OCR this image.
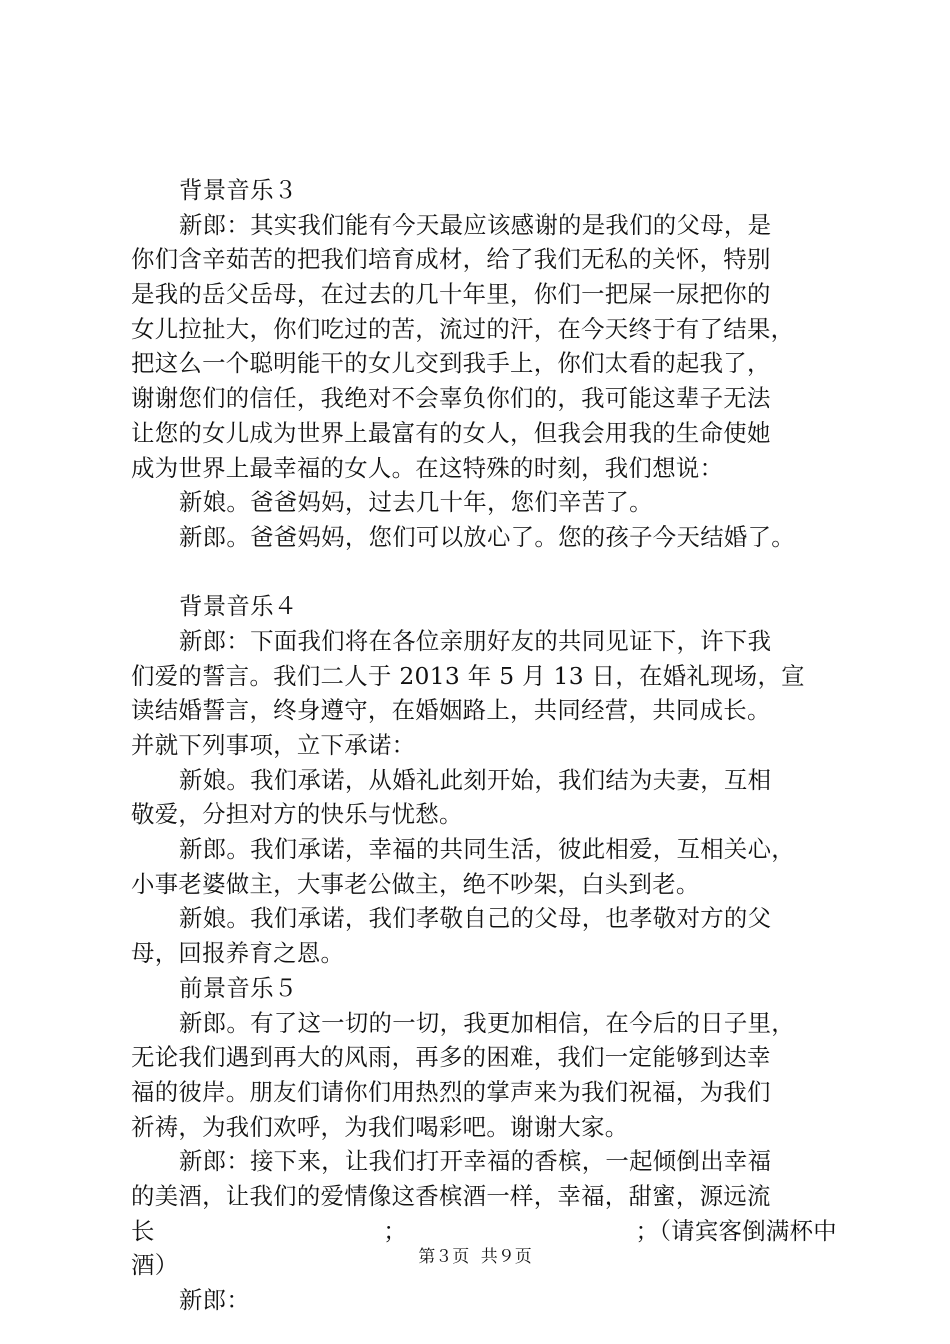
背景音乐３
新郎：其实我们能有今天最应该感谢的是我们的父母，是
你们含辛茹苦的把我们培育成材，给了我们无私的关怀，特别
是我的岳父岳母，在过去的几十年里，你们一把屎一尿把你的
女儿拉扯大，你们吃过的苦，流过的汗，在今天终于有了结果，
把这么一个聪明能干的女儿交到我手上，你们太看的起我了，
谢谢您们的信任，我绝对不会辜负你们的，我可能这辈子无法
让您的女儿成为世界上最富有的女人，但我会用我的生命使她
成为世界上最幸福的女人。在这特殊的时刻，我们想说：
新娘。爸爸妈妈，过去几十年，您们辛苦了。
新郎。爸爸妈妈，您们可以放心了。您的孩子今天结婚了。
背景音乐４
新郎：下面我们将在各位亲朋好友的共同见证下，许下我
们爱的誓言。我们二人于 2013 年 5 月 13 日，在婚礼现场，宣
读结婚誓言，终身遵守，在婚姻路上，共同经营，共同成长。
并就下列事项，立下承诺：
新娘。我们承诺，从婚礼此刻开始，我们结为夫妻，互相
敬爱，分担对方的快乐与忧愁。
新郎。我们承诺，幸福的共同生活，彼此相爱，互相关心，
小事老婆做主，大事老公做主，绝不吵架，白头到老。
新娘。我们承诺，我们孝敬自己的父母，也孝敬对方的父
母，回报养育之恩。
前景音乐５
新郎。有了这一切的一切，我更加相信，在今后的日子里，
无论我们遇到再大的风雨，再多的困难，我们一定能够到达幸
福的彼岸。朋友们请你们用热烈的掌声来为我们祝福，为我们
祈祷，为我们欢呼，为我们喝彩吧。谢谢大家。
新郎：接下来，让我们打开幸福的香槟，一起倾倒出幸福
的美酒，让我们的爱情像这香槟酒一样，幸福，甜蜜，源远流
长	；	；（请宾客倒满杯中
酒）
新郎：
第３页 共９页
